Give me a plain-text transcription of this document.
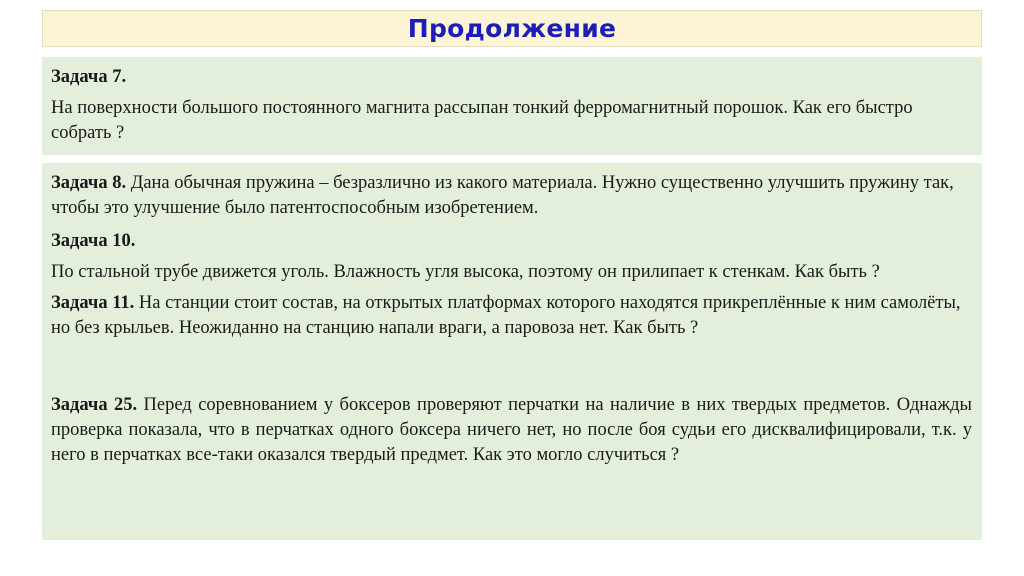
Продолжение

Задача 7.

На поверхности большого постоянного магнита рассыпан тонкий ферромагнитный порошок. Как его быстро собрать ?

Задача 8. Дана обычная пружина – безразлично из какого материала. Нужно существенно улучшить пружину так, чтобы это улучшение было патентоспособным изобретением.

Задача 10.

По стальной трубе движется уголь. Влажность угля высока, поэтому он прилипает к стенкам. Как быть ?

Задача 11. На станции стоит состав, на открытых платформах которого находятся прикреплённые к ним самолёты, но без крыльев. Неожиданно на станцию напали враги, а паровоза нет. Как быть ?

Задача 25. Перед соревнованием у боксеров проверяют перчатки на наличие в них твердых предметов. Однажды проверка показала, что в перчатках одного боксера ничего нет, но после боя судьи его дисквалифицировали, т.к. у него в перчатках все-таки оказался твердый предмет. Как это могло случиться ?
